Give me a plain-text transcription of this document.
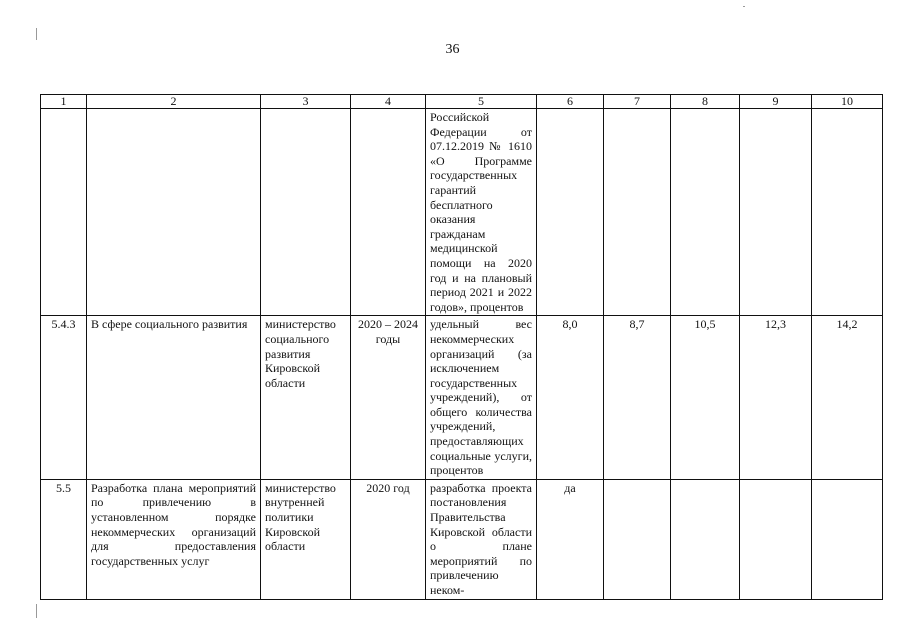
36
1	2	3	4	5	6	7	8	9	10
				Российской Федерации от 07.12.2019 № 1610 «О Программе государственных гарантий бесплатного оказания гражданам медицинской помощи на 2020 год и на плановый период 2021 и 2022 годов», процентов					
5.4.3	В сфере социального развития	министерство социального развития Кировской области	2020 – 2024 годы	удельный вес некоммерческих организаций (за исключением государственных учреждений), от общего количества учреждений, предоставляющих социальные услуги, процентов	8,0	8,7	10,5	12,3	14,2
5.5	Разработка плана мероприятий по привлечению в установленном порядке некоммерческих организаций для предоставления государственных услуг	министерство внутренней политики Кировской области	2020 год	разработка проекта постановления Правительства Кировской области о плане мероприятий по привлечению неком-	да				
